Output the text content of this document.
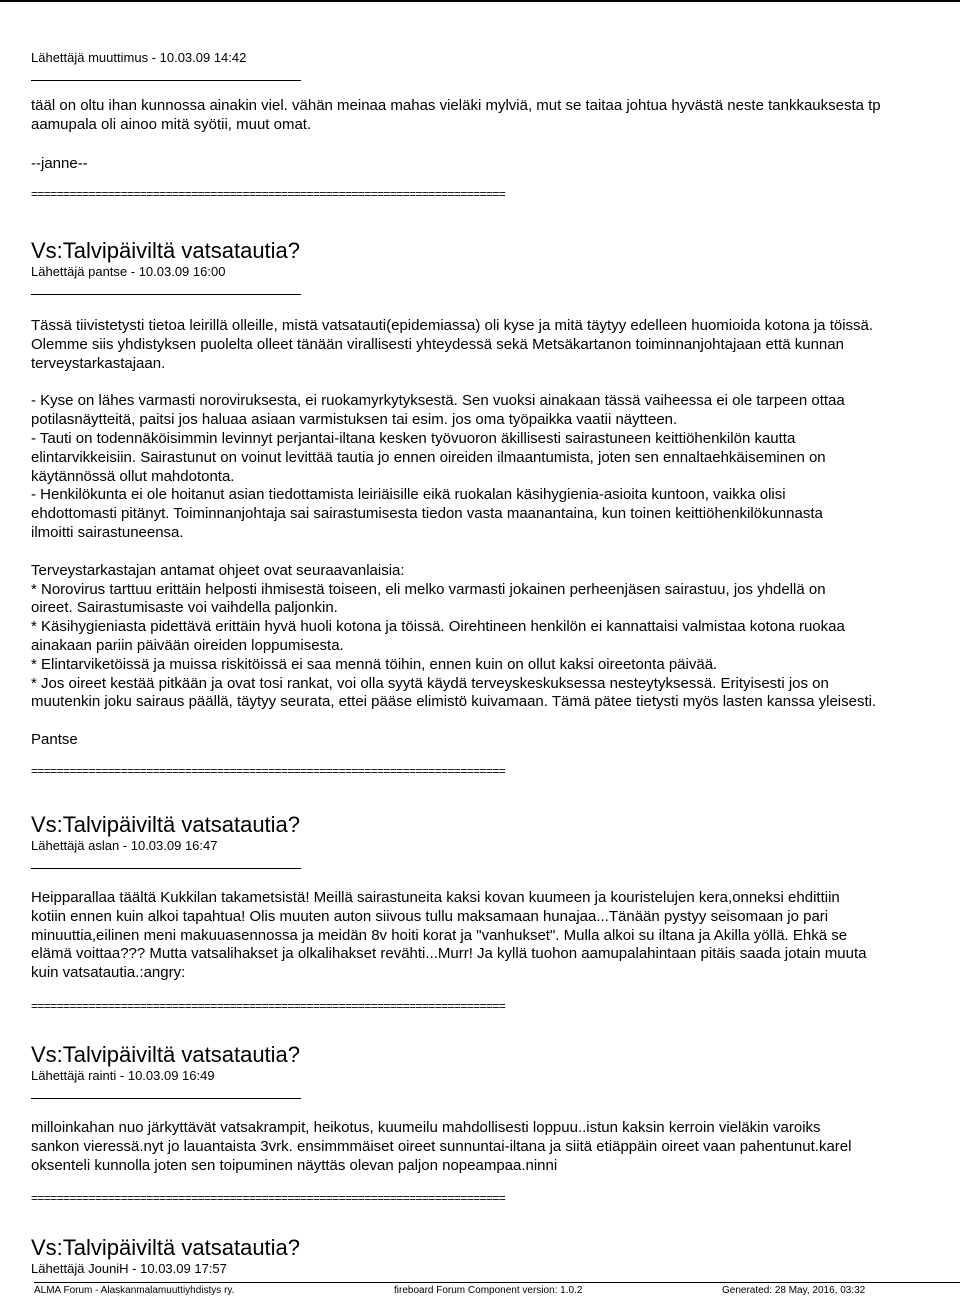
Lähettäjä muuttimus - 10.03.09 14:42

tääl on oltu ihan kunnossa ainakin viel. vähän meinaa mahas vieläki mylviä, mut se taitaa johtua hyvästä neste tankkauksesta tp
aamupala oli ainoo mitä syötii, muut omat.

--janne--

==========================================================================

Vs:Talvipäiviltä vatsatautia?

Lähettäjä pantse - 10.03.09 16:00

Tässä tiivistetysti tietoa leirillä olleille, mistä vatsatauti(epidemiassa) oli kyse ja mitä täytyy edelleen huomioida kotona ja töissä.
Olemme siis yhdistyksen puolelta olleet tänään virallisesti yhteydessä sekä Metsäkartanon toiminnanjohtajaan että kunnan
terveystarkastajaan.

- Kyse on lähes varmasti noroviruksesta, ei ruokamyrkytyksestä. Sen vuoksi ainakaan tässä vaiheessa ei ole tarpeen ottaa
potilasnäytteitä, paitsi jos haluaa asiaan varmistuksen tai esim. jos oma työpaikka vaatii näytteen.
- Tauti on todennäköisimmin levinnyt perjantai-iltana kesken työvuoron äkillisesti sairastuneen keittiöhenkilön kautta
elintarvikkeisiin. Sairastunut on voinut levittää tautia jo ennen oireiden ilmaantumista, joten sen ennaltaehkäiseminen on
käytännössä ollut mahdotonta.
- Henkilökunta ei ole hoitanut asian tiedottamista leiriäisille eikä ruokalan käsihygienia-asioita kuntoon, vaikka olisi
ehdottomasti pitänyt. Toiminnanjohtaja sai sairastumisesta tiedon vasta maanantaina, kun toinen keittiöhenkilökunnasta
ilmoitti sairastuneensa.

Terveystarkastajan antamat ohjeet ovat seuraavanlaisia:
* Norovirus tarttuu erittäin helposti ihmisestä toiseen, eli melko varmasti jokainen perheenjäsen sairastuu, jos yhdellä on
oireet. Sairastumisaste voi vaihdella paljonkin.
* Käsihygieniasta pidettävä erittäin hyvä huoli kotona ja töissä. Oirehtineen henkilön ei kannattaisi valmistaa kotona ruokaa
ainakaan pariin päivään oireiden loppumisesta.
* Elintarviketöissä ja muissa riskitöissä ei saa mennä töihin, ennen kuin on ollut kaksi oireetonta päivää.
* Jos oireet kestää pitkään ja ovat tosi rankat, voi olla syytä käydä terveyskeskuksessa nesteytyksessä. Erityisesti jos on
muutenkin joku sairaus päällä, täytyy seurata, ettei pääse elimistö kuivamaan. Tämä pätee tietysti myös lasten kanssa yleisesti.

Pantse

==========================================================================

Vs:Talvipäiviltä vatsatautia?

Lähettäjä aslan - 10.03.09 16:47

Heipparallaa täältä Kukkilan takametsistä! Meillä sairastuneita kaksi kovan kuumeen ja kouristelujen kera,onneksi ehdittiin
kotiin ennen kuin alkoi tapahtua! Olis muuten auton siivous tullu maksamaan hunajaa...Tänään pystyy seisomaan jo pari
minuuttia,eilinen meni makuuasennossa ja meidän 8v hoiti korat ja "vanhukset". Mulla alkoi su iltana ja Akilla yöllä. Ehkä se
elämä voittaa??? Mutta vatsalihakset ja olkalihakset revähti...Murr! Ja kyllä tuohon aamupalahintaan pitäis saada jotain muuta
kuin vatsatautia.:angry:

==========================================================================

Vs:Talvipäiviltä vatsatautia?

Lähettäjä rainti - 10.03.09 16:49

milloinkahan nuo järkyttävät vatsakrampit, heikotus, kuumeilu mahdollisesti loppuu..istun kaksin kerroin vieläkin varoiks
sankon vieressä.nyt jo lauantaista 3vrk. ensimmmäiset oireet sunnuntai-iltana ja siitä etiäppäin oireet vaan pahentunut.karel
oksenteli kunnolla joten sen toipuminen näyttäs olevan paljon nopeampaa.ninni

==========================================================================

Vs:Talvipäiviltä vatsatautia?

Lähettäjä JouniH - 10.03.09 17:57

ALMA Forum - Alaskanmalamuuttiyhdistys ry.	fireboard Forum Component version: 1.0.2	Generated: 28 May, 2016, 03:32
